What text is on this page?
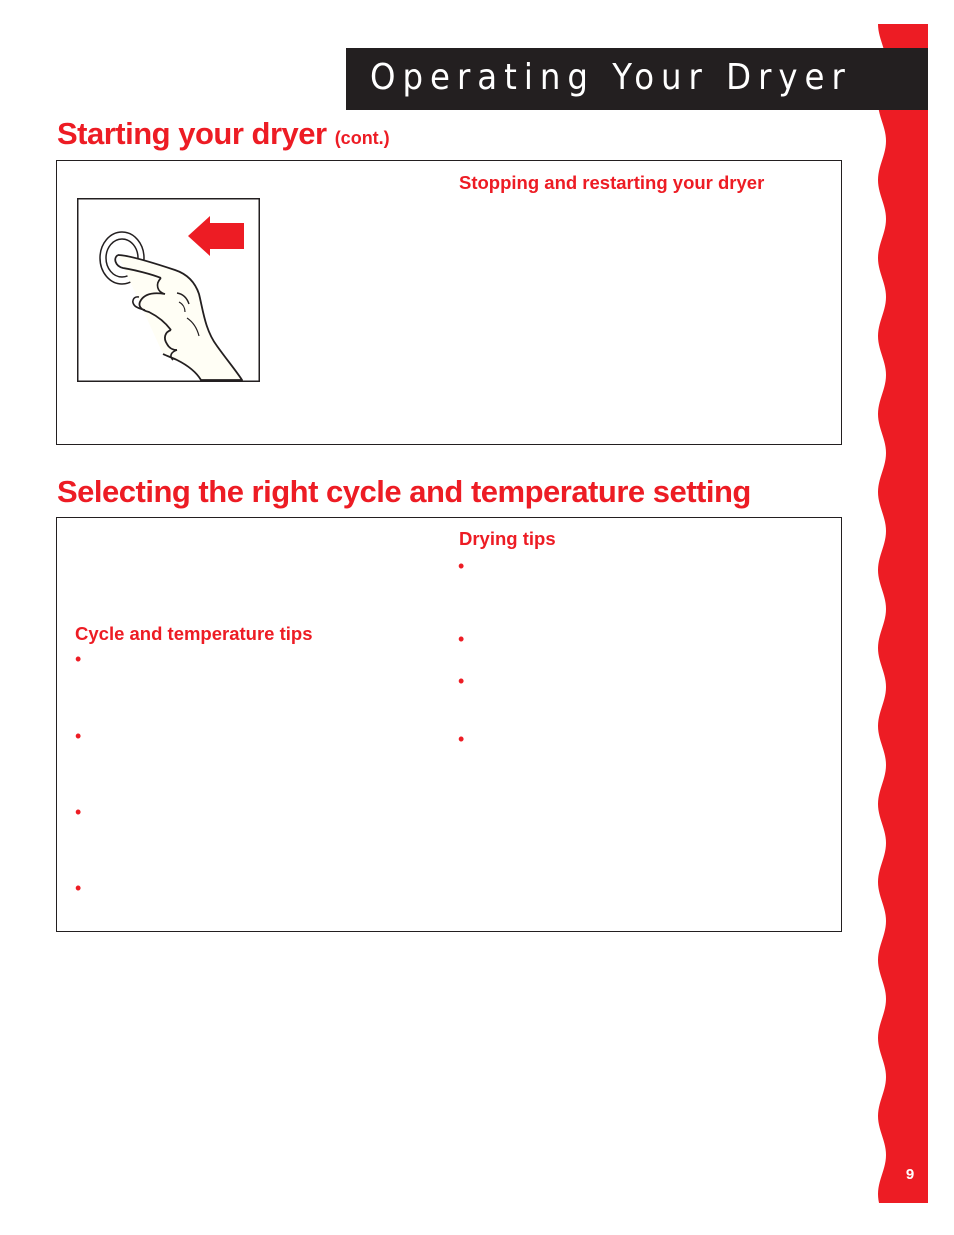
Operating Your Dryer
Starting your dryer (cont.)
Stopping and restarting your dryer
Selecting the right cycle and temperature setting
Drying tips
•
•
•
•
Cycle and temperature tips
•
•
•
•
9
